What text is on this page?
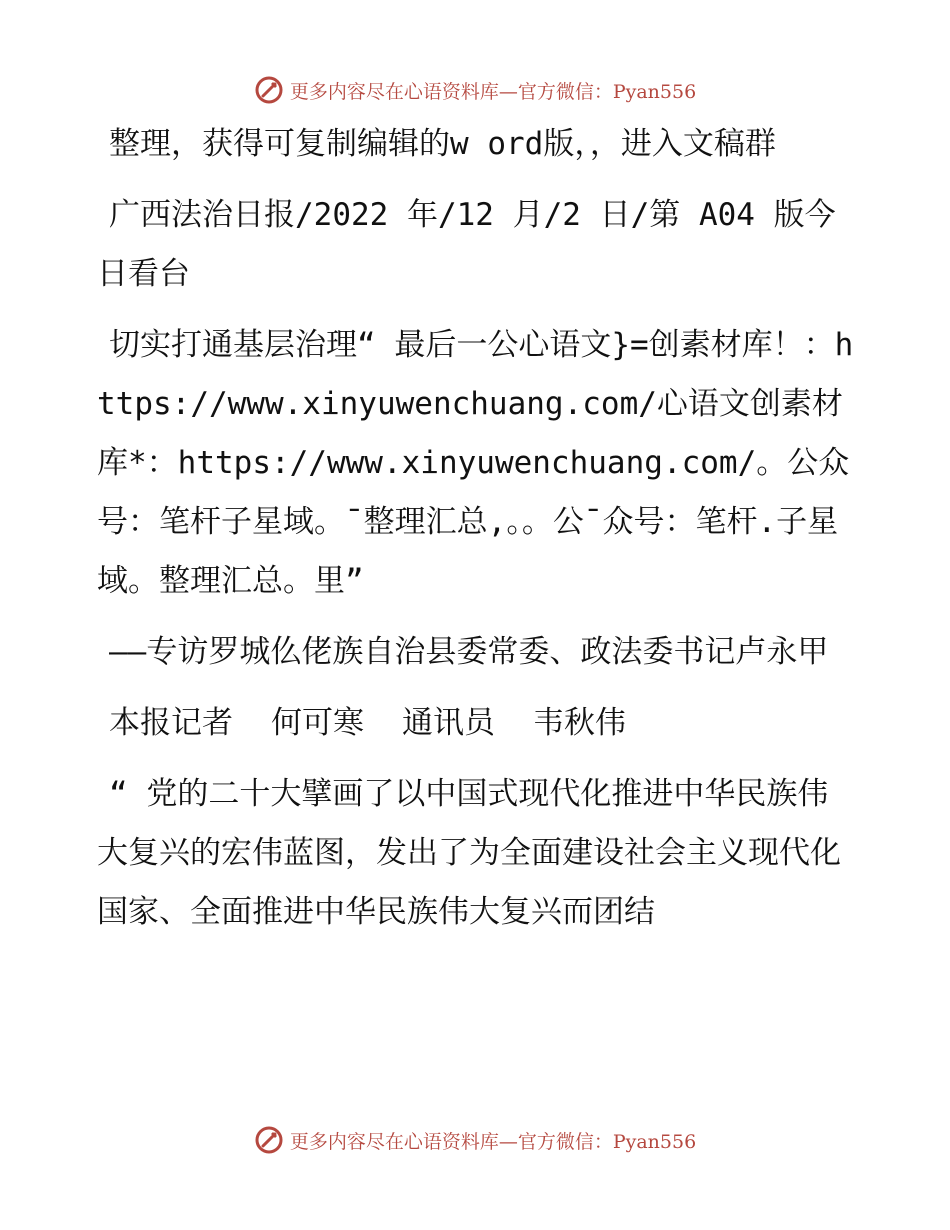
更多内容尽在心语资料库—官方微信：Pyan556

整理，获得可复制编辑的w ord版，，进入文稿群

广西法治日报/2022 年/12 月/2 日/第 A04 版今日看台

切实打通基层治理“ 最后一公心语文}=创素材库！：https://www.xinyuwenchuang.com/心语文创素材库*：https://www.xinyuwenchuang.com/。公众号：笔杆子星域。¯整理汇总,。。公¯众号：笔杆.子星域。整理汇总。里”

——专访罗城仫佬族自治县委常委、政法委书记卢永甲

本报记者 何可寒 通讯员 韦秋伟

“ 党的二十大擘画了以中国式现代化推进中华民族伟大复兴的宏伟蓝图，发出了为全面建设社会主义现代化国家、全面推进中华民族伟大复兴而团结

更多内容尽在心语资料库—官方微信：Pyan556
